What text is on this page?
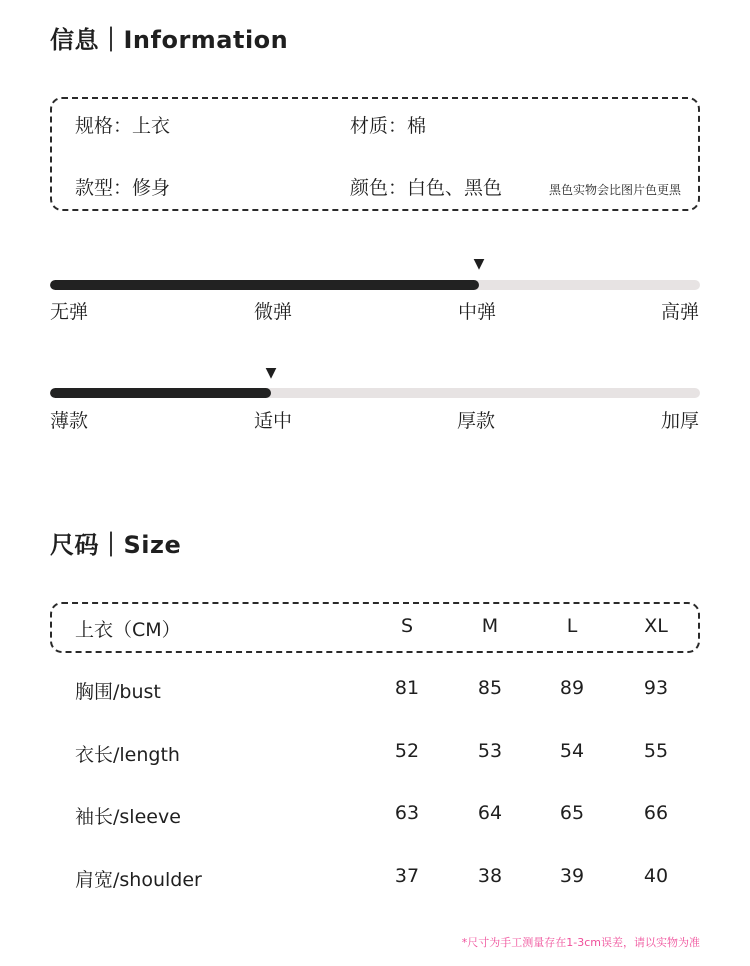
信息｜Information
规格：上衣	材质：棉
款型：修身	颜色：白色、黑色	黑色实物会比图片色更黑
▼
无弹	微弹	中弹	高弹
▼
薄款	适中	厚款	加厚
尺码｜Size
上衣（CM）	S	M	L	XL
胸围/bust	81	85	89	93
衣长/length	52	53	54	55
袖长/sleeve	63	64	65	66
肩宽/shoulder	37	38	39	40
*尺寸为手工测量存在1-3cm误差，请以实物为准
